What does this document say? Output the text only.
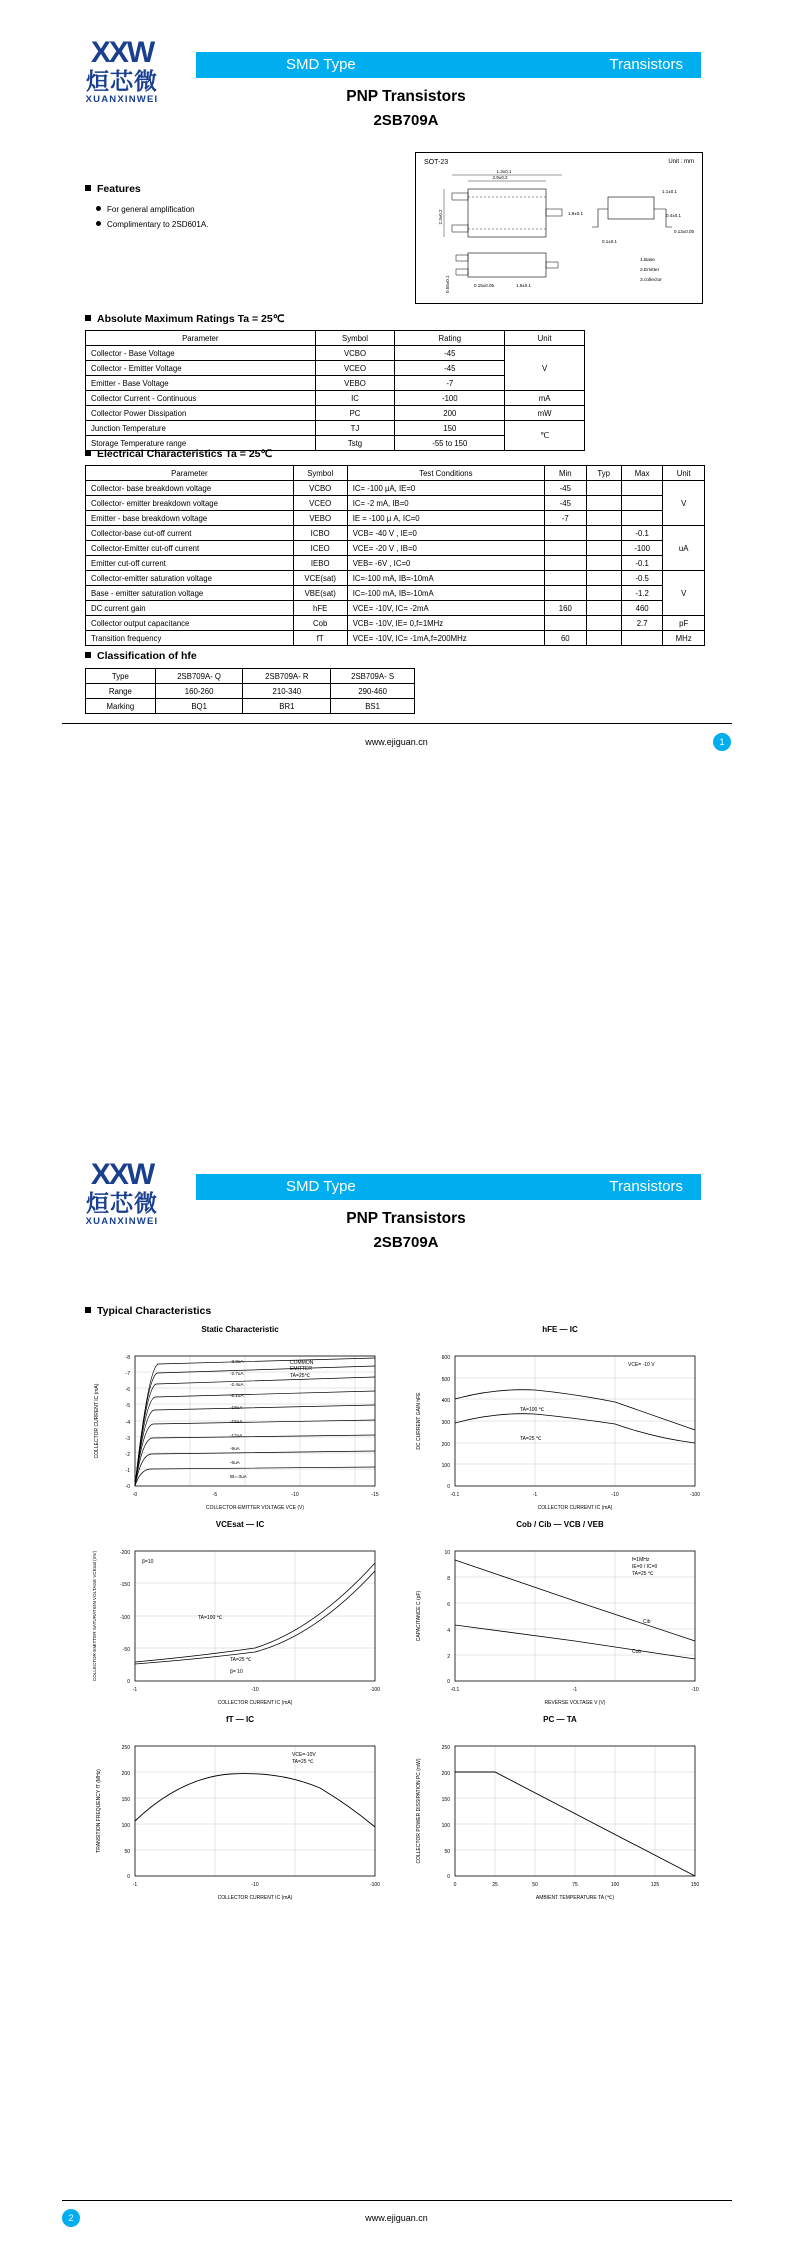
XXW
烜芯微
XUANXINWEI
SMD Type	Transistors
PNP Transistors
2SB709A
Features
For general amplification
Complimentary to 2SD601A.
SOT-23	Unit : mm
2.9±0.2
1.3±0.1
2.3±0.2	1.9±0.1
0.15±0.05	1.9±0.1
0.55±0.1
1.1±0.1
0.13±0.05
0.4±0.1
0.1±0.1
1.Base
2.Emitter
3.collector
Absolute Maximum Ratings Ta = 25℃
Parameter	Symbol	Rating	Unit
Collector - Base Voltage	VCBO	-45	V
Collector - Emitter Voltage	VCEO	-45	
Emitter - Base Voltage	VEBO	-7	
Collector Current - Continuous	IC	-100	mA
Collector Power Dissipation	PC	200	mW
Junction Temperature	TJ	150	℃
Storage Temperature range	Tstg	-55 to 150	
Electrical Characteristics Ta = 25℃
Parameter	Symbol	Test Conditions	Min	Typ	Max	Unit
Collector- base breakdown voltage	VCBO	IC= -100 μA, IE=0	-45			V
Collector- emitter breakdown voltage	VCEO	IC= -2 mA, IB=0	-45			
Emitter - base breakdown voltage	VEBO	IE = -100 μ A, IC=0	-7			
Collector-base cut-off current	ICBO	VCB= -40 V , IE=0			-0.1	uA
Collector-Emitter cut-off current	ICEO	VCE= -20 V , IB=0			-100	
Emitter cut-off current	IEBO	VEB= -6V , IC=0			-0.1	
Collector-emitter saturation voltage	VCE(sat)	IC=-100 mA, IB=-10mA			-0.5	V
Base - emitter saturation voltage	VBE(sat)	IC=-100 mA, IB=-10mA			-1.2	
DC current gain	hFE	VCE= -10V, IC= -2mA	160		460	
Collector output capacitance	Cob	VCB= -10V, IE= 0,f=1MHz			2.7	pF
Transition frequency	fT	VCE= -10V, IC= -1mA,f=200MHz	60			MHz
Classification of hfe
Type	2SB709A- Q	2SB709A- R	2SB709A- S
Range	160-260	210-340	290-460
Marking	BQ1	BR1	BS1
www.ejiguan.cn	1
XXW
烜芯微
XUANXINWEI
SMD Type	Transistors
PNP Transistors
2SB709A
Typical Characteristics
Static Characteristic
-8
-7
-6
-5
-4
-3
-2
-1
-0
-0	-5	-10	-15
COMMON
EMITTER
TA=25℃
-3.0uA
-2.7uA
-2.4uA
-2.1uA
-18uA
-15uA
-12uA
-9uA
-6uA
IB=-3uA
COLLECTOR-EMITTER VOLTAGE VCE (V)
COLLECTOR CURRENT IC (mA)
hFE — IC
600
500
400
300
200
100
0
-0.1	-1	-10	-100
VCE= -10 V
TA=100 ℃
TA=25 ℃
COLLECTOR CURRENT IC (mA)
DC CURRENT GAIN hFE
VCEsat — IC
-200
-150
-100
-50
0
-1	-10	-100
β=10
TA=100 ℃
TA=25 ℃
β= 10
COLLECTOR CURRENT IC (mA)
COLLECTOR-EMITTER SATURATION VOLTAGE VCEsat (mV)
Cob / Cib — VCB / VEB
10
8
6
4
2
0
-0.1	-1	-10
f=1MHz
IE=0 / IC=0
TA=25 ℃
Cib
Cob
REVERSE VOLTAGE V (V)
CAPACITANCE C (pF)
fT — IC
250
200
150
100
50
0
-1	-10	-100
VCE=-10V
TA=25 ℃
COLLECTOR CURRENT IC (mA)
TRANSITION FREQUENCY fT (MHz)
PC — TA
250
200
150
100
50
0
0	25	50	75	100	125	150
AMBIENT TEMPERATURE TA (℃)
COLLECTOR POWER DISSIPATION PC (mW)
www.ejiguan.cn
2
